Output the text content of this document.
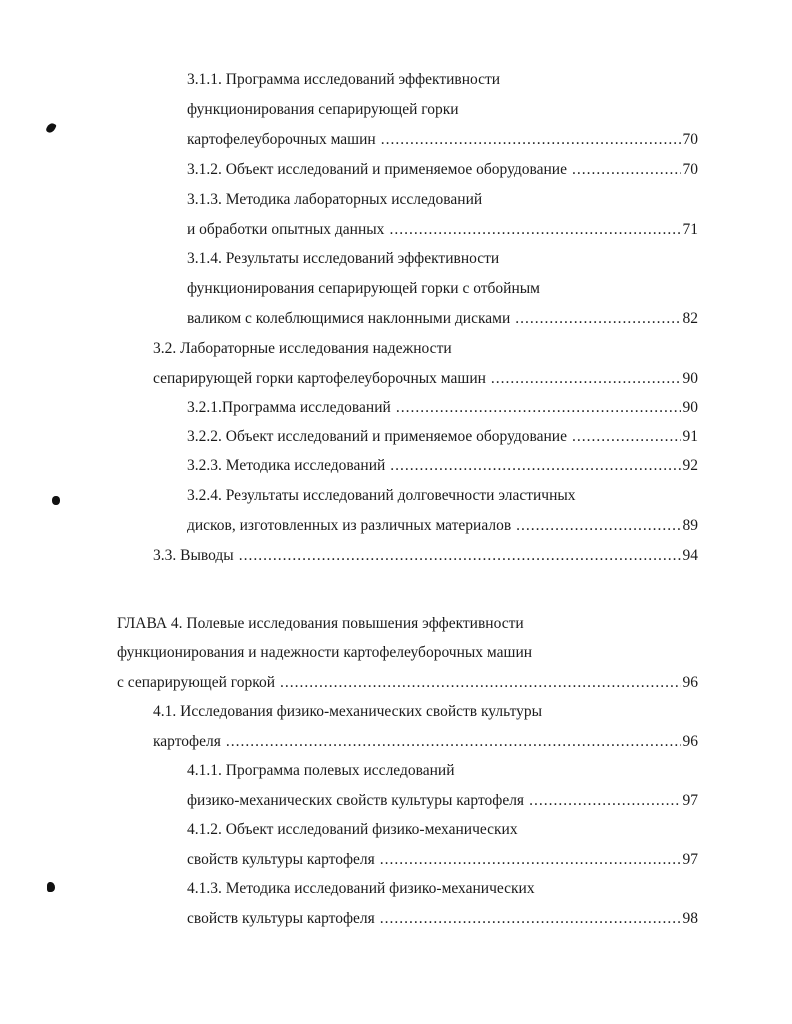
3.1.1. Программа исследований эффективности
функционирования сепарирующей горки
картофелеуборочных машин .....	70
3.1.2. Объект исследований и применяемое оборудование .....	70
3.1.3. Методика лабораторных исследований
и обработки опытных данных .....	71
3.1.4. Результаты исследований эффективности
функционирования сепарирующей горки с отбойным
валиком с колеблющимися наклонными дисками .....	82
3.2. Лабораторные исследования надежности
сепарирующей горки картофелеуборочных машин .....	90
3.2.1.Программа исследований .....	90
3.2.2. Объект исследований и применяемое оборудование .....	91
3.2.3. Методика исследований .....	92
3.2.4. Результаты исследований долговечности эластичных
дисков, изготовленных из различных материалов .....	89
3.3. Выводы .....	94
ГЛАВА 4. Полевые исследования повышения эффективности
функционирования и надежности картофелеуборочных машин
с сепарирующей горкой .....	96
4.1. Исследования физико-механических свойств культуры
картофеля .....	96
4.1.1. Программа полевых исследований
физико-механических свойств культуры картофеля .....	97
4.1.2. Объект исследований физико-механических
свойств культуры картофеля .....	97
4.1.3. Методика исследований физико-механических
свойств культуры картофеля .....	98
